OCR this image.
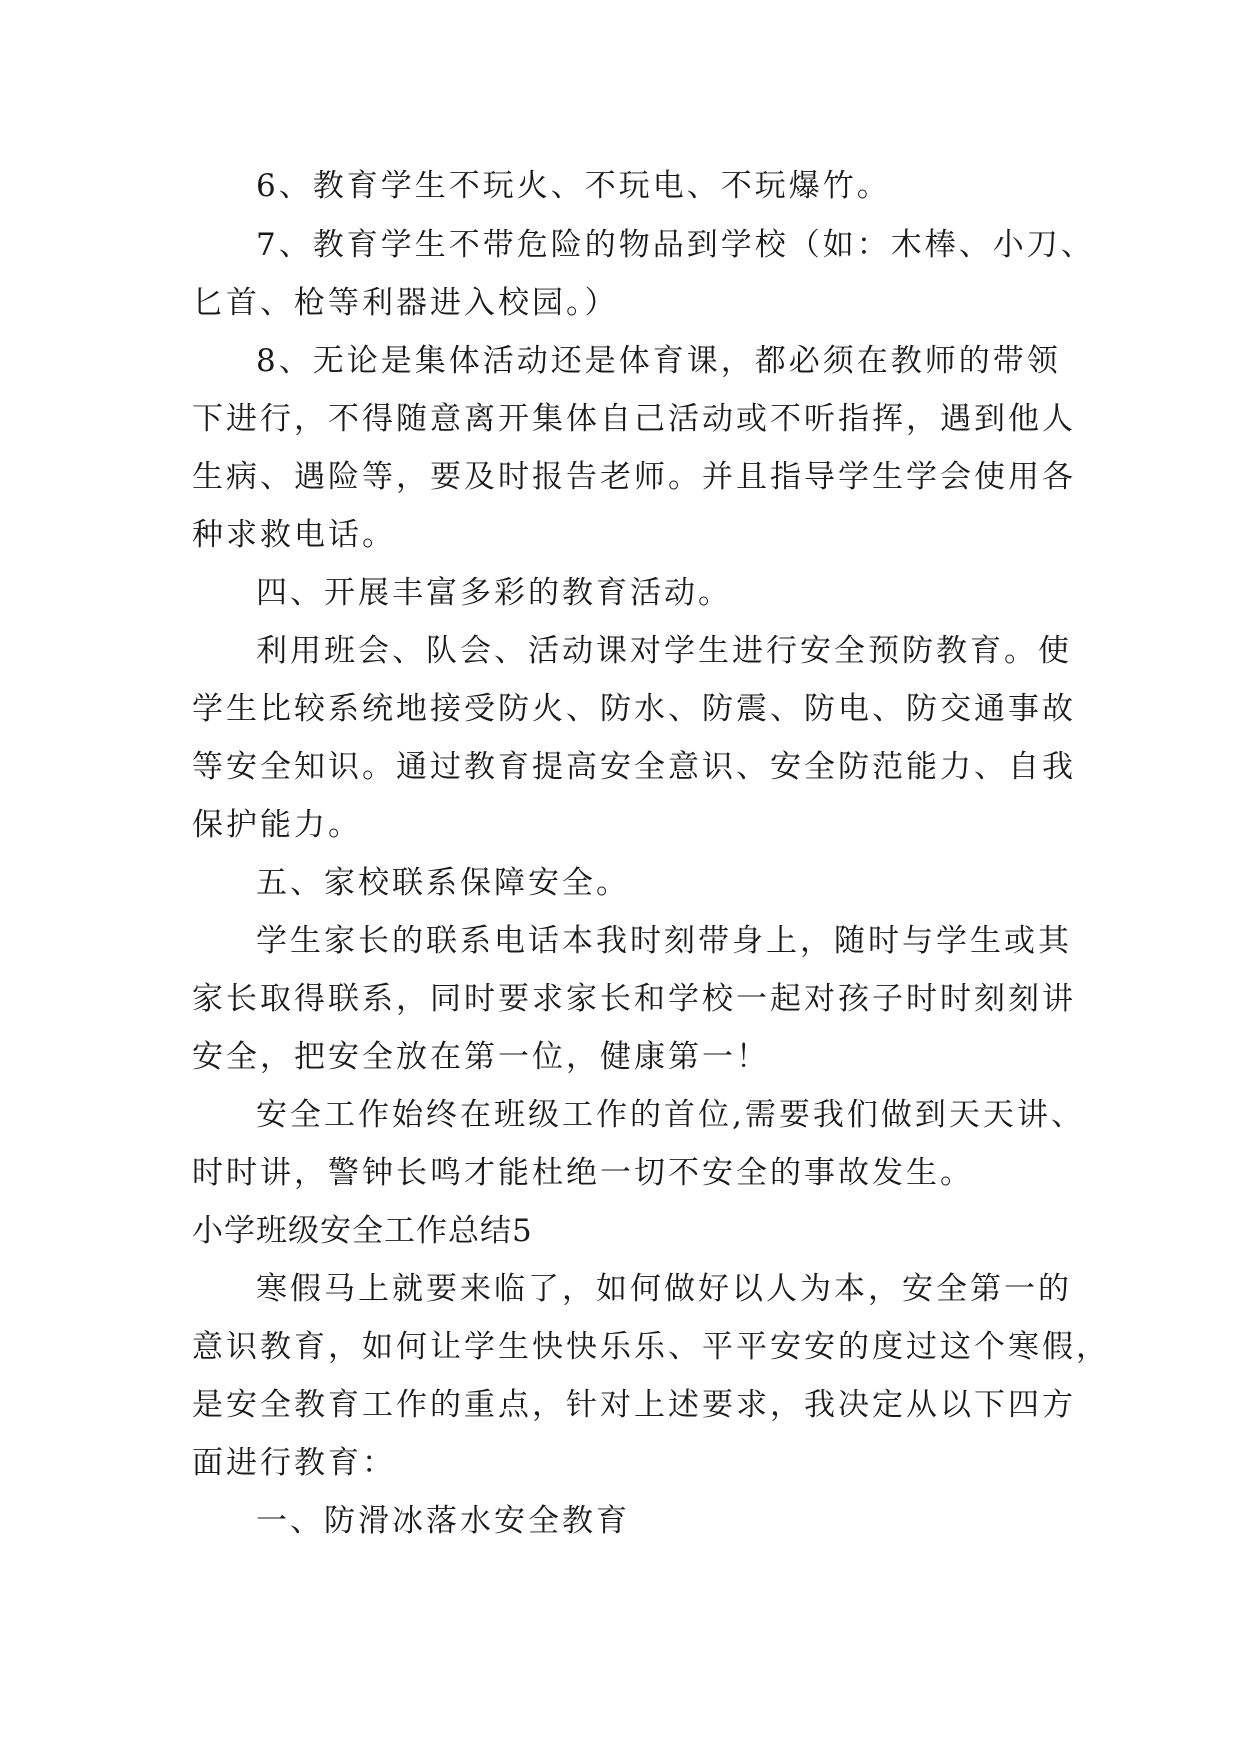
6、教育学生不玩火、不玩电、不玩爆竹。

7、教育学生不带危险的物品到学校（如：木棒、小刀、

匕首、枪等利器进入校园。）

8、无论是集体活动还是体育课，都必须在教师的带领

下进行，不得随意离开集体自己活动或不听指挥，遇到他人

生病、遇险等，要及时报告老师。并且指导学生学会使用各

种求救电话。

四、开展丰富多彩的教育活动。

利用班会、队会、活动课对学生进行安全预防教育。使

学生比较系统地接受防火、防水、防震、防电、防交通事故

等安全知识。通过教育提高安全意识、安全防范能力、自我

保护能力。

五、家校联系保障安全。

学生家长的联系电话本我时刻带身上，随时与学生或其

家长取得联系，同时要求家长和学校一起对孩子时时刻刻讲

安全，把安全放在第一位，健康第一！

安全工作始终在班级工作的首位,需要我们做到天天讲、

时时讲，警钟长鸣才能杜绝一切不安全的事故发生。

小学班级安全工作总结5

寒假马上就要来临了，如何做好以人为本，安全第一的

意识教育，如何让学生快快乐乐、平平安安的度过这个寒假，

是安全教育工作的重点，针对上述要求，我决定从以下四方

面进行教育：

一、防滑冰落水安全教育
